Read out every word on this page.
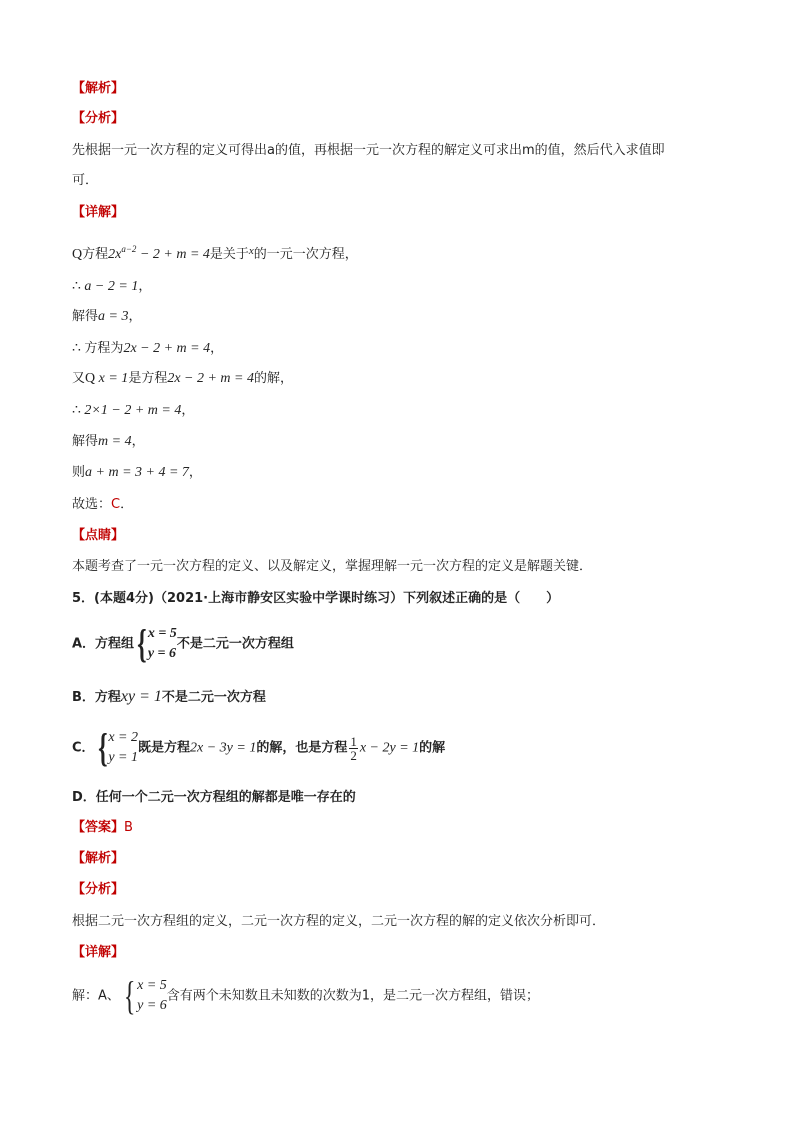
【解析】
【分析】
先根据一元一次方程的定义可得出a的值，再根据一元一次方程的解定义可求出m的值，然后代入求值即
可．
【详解】
Q方程$2x^{a-2} - 2 + m = 4$是关于$^x$的一元一次方程，
∴ a − 2 = 1，
解得a = 3，
∴ 方程为2x − 2 + m = 4，
又Q x = 1是方程2x − 2 + m = 4的解，
∴ 2×1 − 2 + m = 4，
解得m = 4，
则a + m = 3 + 4 = 7，
故选：C．
【点睛】
本题考查了一元一次方程的定义、以及解定义，掌握理解一元一次方程的定义是解题关键．
5．(本题4分)（2021·上海市静安区实验中学课时练习）下列叙述正确的是（　　）
A．方程组{ x = 5
y = 6
不是二元一次方程组
B．方程xy = 1不是二元一次方程
C．{ x = 2
y = 1
既是方程2x − 3y = 1的解，也是方程 $\frac{1}{2}$ x − 2y = 1的解
D．任何一个二元一次方程组的解都是唯一存在的
【答案】B
【解析】
【分析】
根据二元一次方程组的定义，二元一次方程的定义，二元一次方程的解的定义依次分析即可．
【详解】
解：A、{ x = 5
y = 6
含有两个未知数且未知数的次数为1，是二元一次方程组，错误；
